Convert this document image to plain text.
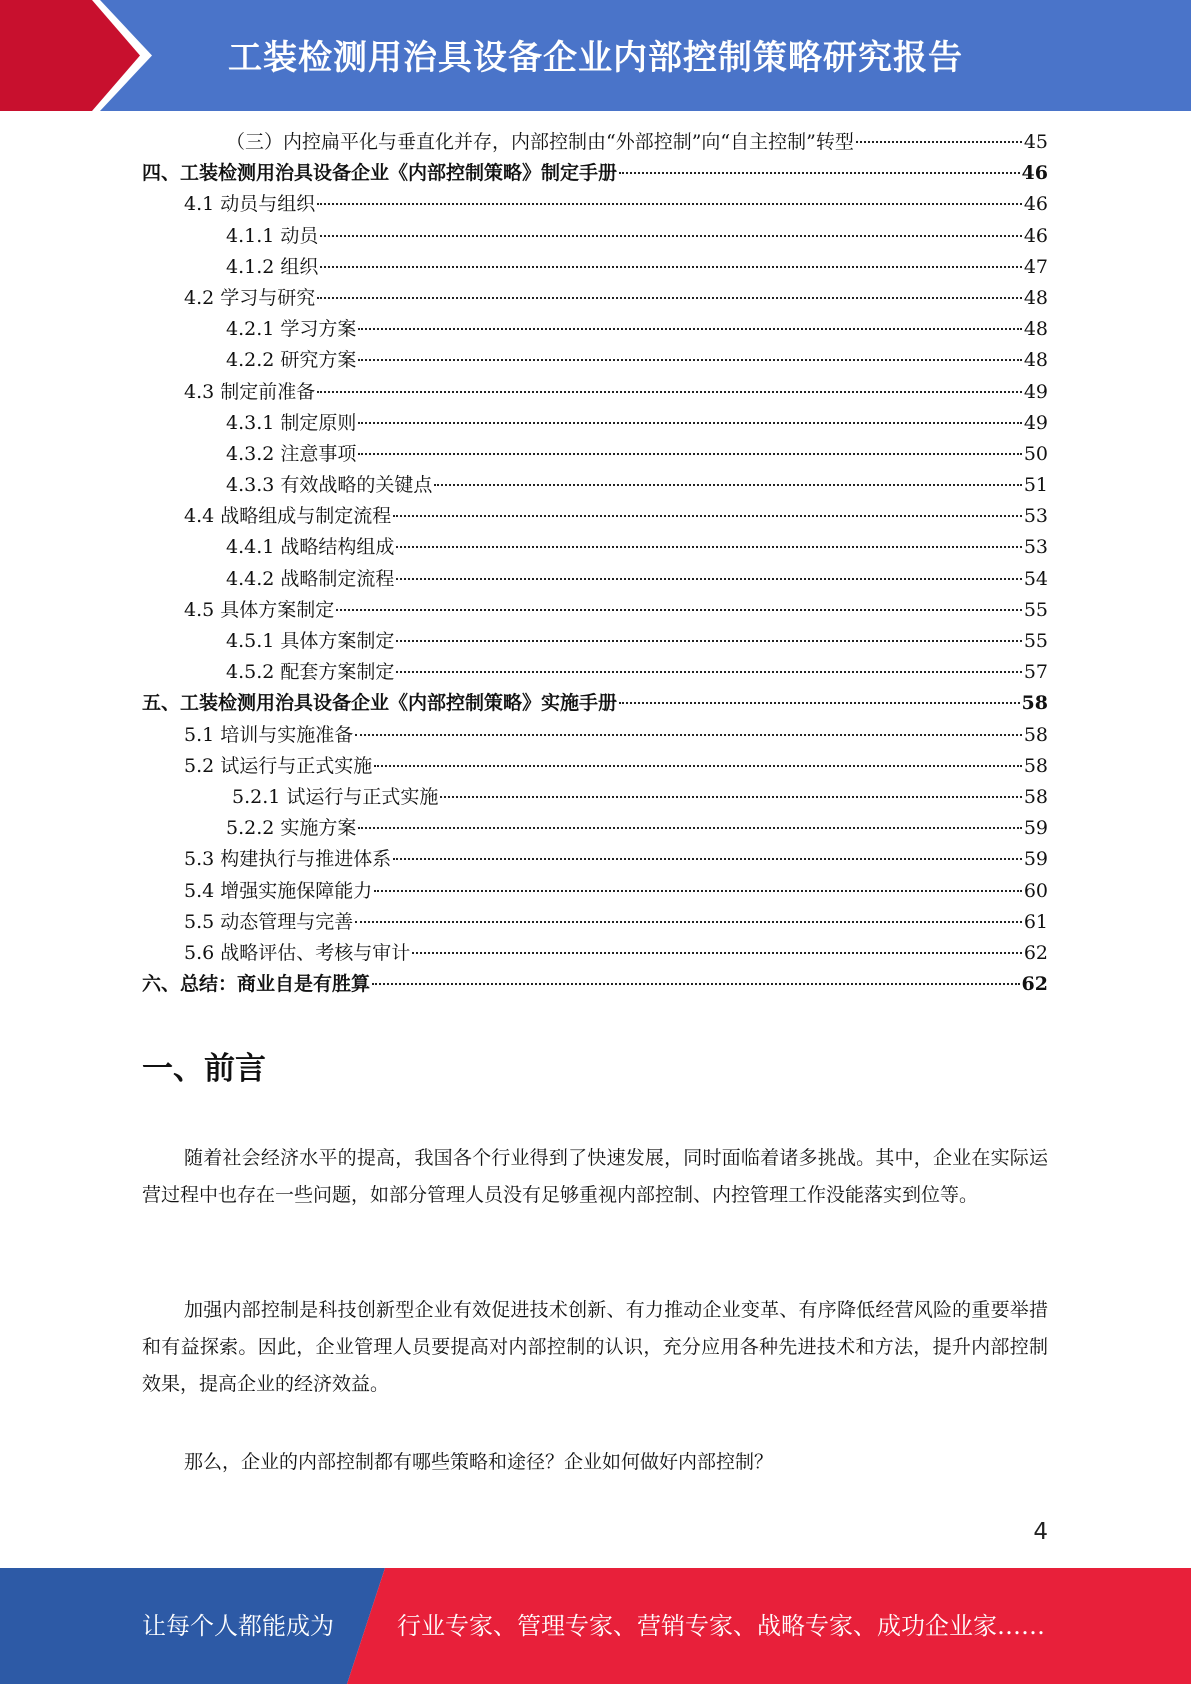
工装检测用治具设备企业内部控制策略研究报告
（三）内控扁平化与垂直化并存，内部控制由“外部控制”向“自主控制”转型	45
四、工装检测用治具设备企业《内部控制策略》制定手册	46
4.1 动员与组织	46
4.1.1 动员	46
4.1.2 组织	47
4.2 学习与研究	48
4.2.1 学习方案	48
4.2.2 研究方案	48
4.3 制定前准备	49
4.3.1 制定原则	49
4.3.2 注意事项	50
4.3.3 有效战略的关键点	51
4.4 战略组成与制定流程	53
4.4.1 战略结构组成	53
4.4.2 战略制定流程	54
4.5 具体方案制定	55
4.5.1 具体方案制定	55
4.5.2 配套方案制定	57
五、工装检测用治具设备企业《内部控制策略》实施手册	58
5.1 培训与实施准备	58
5.2 试运行与正式实施	58
5.2.1 试运行与正式实施	58
5.2.2 实施方案	59
5.3 构建执行与推进体系	59
5.4 增强实施保障能力	60
5.5 动态管理与完善	61
5.6 战略评估、考核与审计	62
六、总结：商业自是有胜算	62
一、前言

随着社会经济水平的提高，我国各个行业得到了快速发展，同时面临着诸多挑战。其中，企业在实际运营过程中也存在一些问题，如部分管理人员没有足够重视内部控制、内控管理工作没能落实到位等。

加强内部控制是科技创新型企业有效促进技术创新、有力推动企业变革、有序降低经营风险的重要举措和有益探索。因此，企业管理人员要提高对内部控制的认识，充分应用各种先进技术和方法，提升内部控制效果，提高企业的经济效益。

那么，企业的内部控制都有哪些策略和途径？企业如何做好内部控制？

4
让每个人都能成为	行业专家、管理专家、营销专家、战略专家、成功企业家……
